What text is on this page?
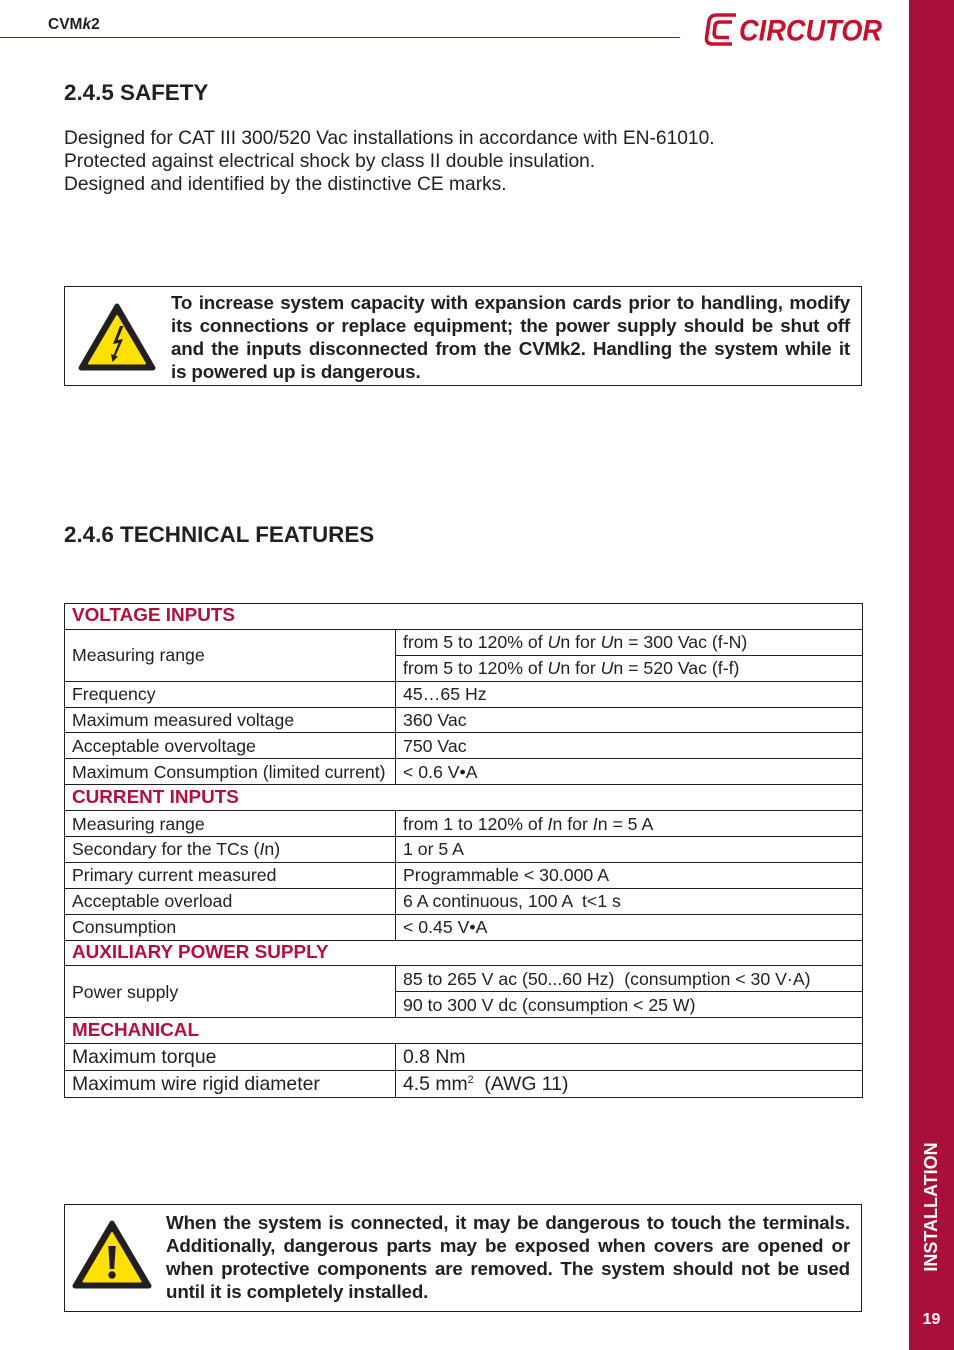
CVMk2	CIRCUTOR
INSTALLATION
19
2.4.5 SAFETY
Designed for CAT III 300/520 Vac installations in accordance with EN-61010.
Protected against electrical shock by class II double insulation.
Designed and identified by the distinctive CE marks.
To increase system capacity with expansion cards prior to handling, modify
its connections or replace equipment; the power supply should be shut off
and the inputs disconnected from the CVMk2. Handling the system while it
is powered up is dangerous.
2.4.6 TECHNICAL FEATURES
VOLTAGE INPUTS	
Measuring range	from 5 to 120% of Un for Un = 300 Vac (f-N)
	from 5 to 120% of Un for Un = 520 Vac (f-f)
Frequency	45…65 Hz
Maximum measured voltage	360 Vac
Acceptable overvoltage	750 Vac
Maximum Consumption (limited current)	< 0.6 V•A
CURRENT INPUTS	
Measuring range	from 1 to 120% of In for In = 5 A
Secondary for the TCs (In)	1 or 5 A
Primary current measured	Programmable < 30.000 A
Acceptable overload	6 A continuous, 100 A  t<1 s
Consumption	< 0.45 V•A
AUXILIARY POWER SUPPLY	
Power supply	85 to 265 V ac (50...60 Hz)  (consumption < 30 V·A)
	90 to 300 V dc (consumption < 25 W)
MECHANICAL	
Maximum torque	0.8 Nm
Maximum wire rigid diameter	4.5 $mm^2$  (AWG 11)
When the system is connected, it may be dangerous to touch the terminals.
Additionally, dangerous parts may be exposed when covers are opened or
when protective components are removed. The system should not be used
until it is completely installed.
